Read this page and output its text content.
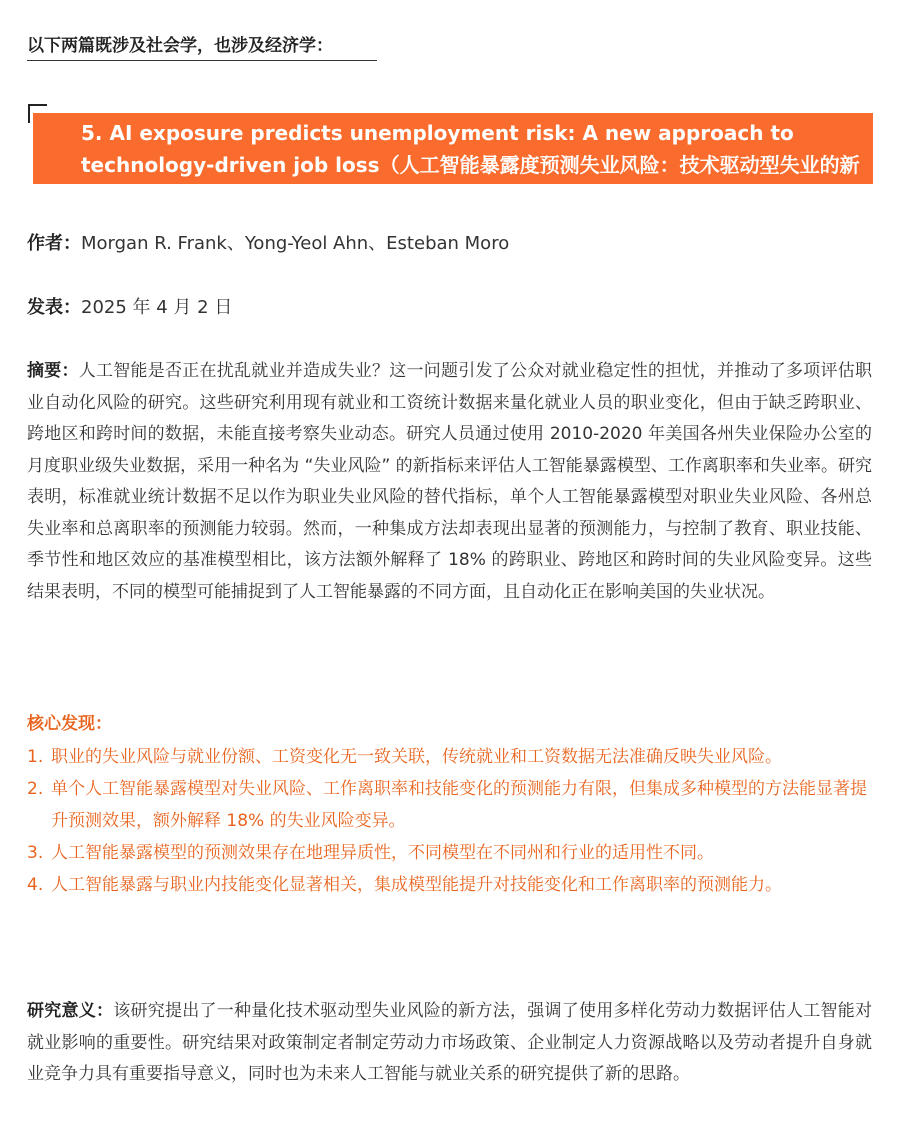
以下两篇既涉及社会学，也涉及经济学：
5. AI exposure predicts unemployment risk: A new approach to technology-driven job loss（人工智能暴露度预测失业风险：技术驱动型失业的新研究方法）
作者：Morgan R. Frank、Yong-Yeol Ahn、Esteban Moro
发表：2025 年 4 月 2 日
摘要：人工智能是否正在扰乱就业并造成失业？这一问题引发了公众对就业稳定性的担忧，并推动了多项评估职业自动化风险的研究。这些研究利用现有就业和工资统计数据来量化就业人员的职业变化，但由于缺乏跨职业、跨地区和跨时间的数据，未能直接考察失业动态。研究人员通过使用 2010-2020 年美国各州失业保险办公室的月度职业级失业数据，采用一种名为 “失业风险” 的新指标来评估人工智能暴露模型、工作离职率和失业率。研究表明，标准就业统计数据不足以作为职业失业风险的替代指标，单个人工智能暴露模型对职业失业风险、各州总失业率和总离职率的预测能力较弱。然而，一种集成方法却表现出显著的预测能力，与控制了教育、职业技能、季节性和地区效应的基准模型相比，该方法额外解释了 18% 的跨职业、跨地区和跨时间的失业风险变异。这些结果表明，不同的模型可能捕捉到了人工智能暴露的不同方面，且自动化正在影响美国的失业状况。
核心发现：
1. 职业的失业风险与就业份额、工资变化无一致关联，传统就业和工资数据无法准确反映失业风险。
2. 单个人工智能暴露模型对失业风险、工作离职率和技能变化的预测能力有限，但集成多种模型的方法能显著提升预测效果，额外解释 18% 的失业风险变异。
3. 人工智能暴露模型的预测效果存在地理异质性，不同模型在不同州和行业的适用性不同。
4. 人工智能暴露与职业内技能变化显著相关，集成模型能提升对技能变化和工作离职率的预测能力。
研究意义：该研究提出了一种量化技术驱动型失业风险的新方法，强调了使用多样化劳动力数据评估人工智能对就业影响的重要性。研究结果对政策制定者制定劳动力市场政策、企业制定人力资源战略以及劳动者提升自身就业竞争力具有重要指导意义，同时也为未来人工智能与就业关系的研究提供了新的思路。
